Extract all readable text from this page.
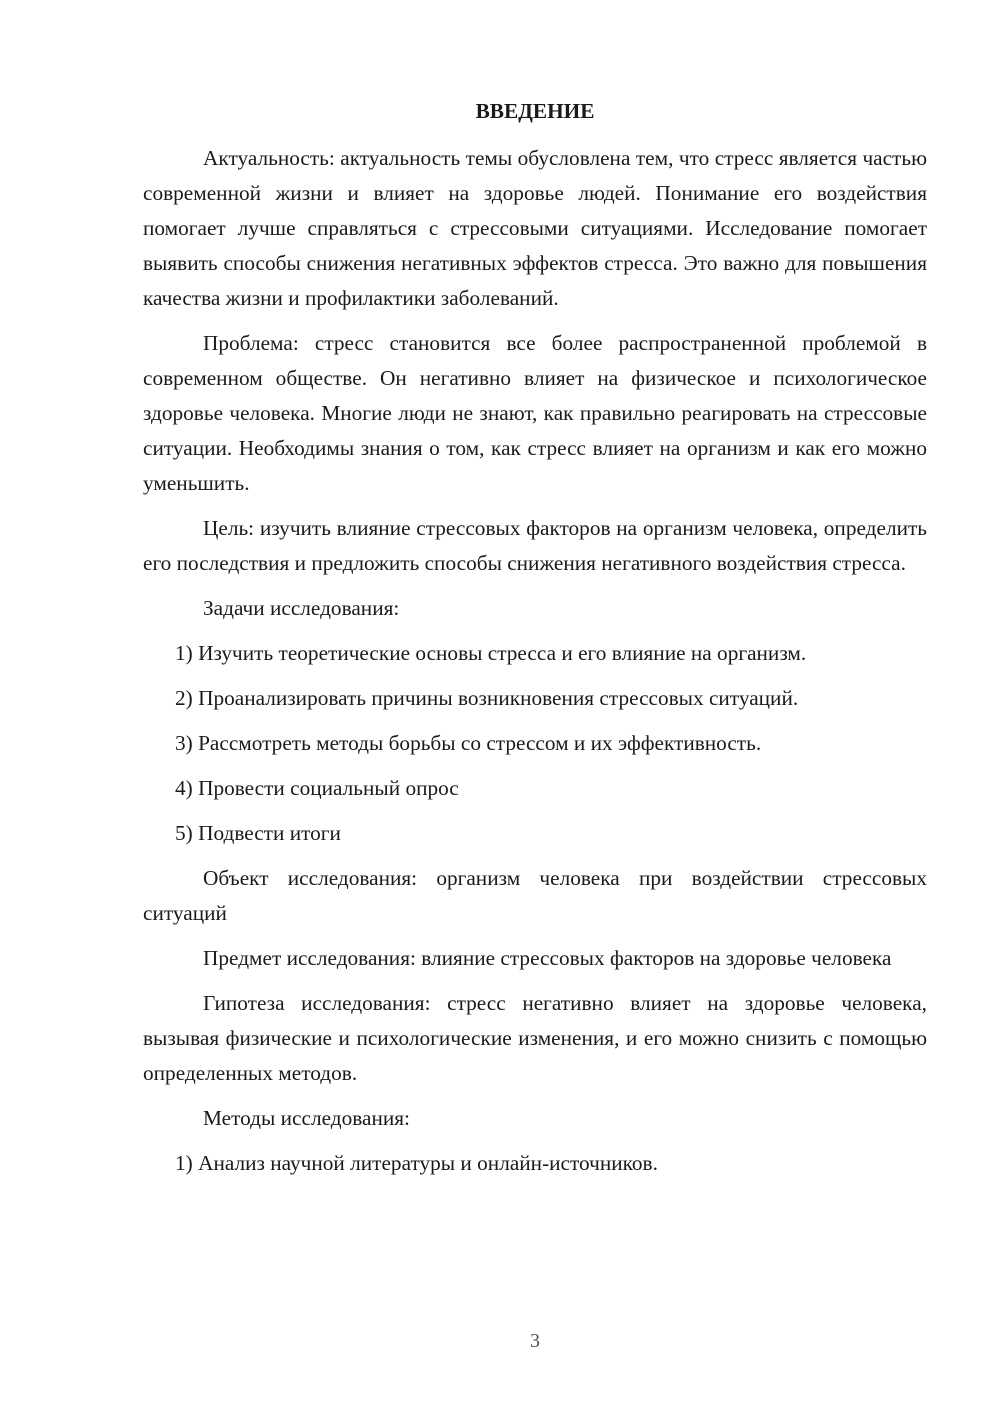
ВВЕДЕНИЕ

Актуальность: актуальность темы обусловлена тем, что стресс является частью современной жизни и влияет на здоровье людей. Понимание его воздействия помогает лучше справляться с стрессовыми ситуациями. Исследование помогает выявить способы снижения негативных эффектов стресса. Это важно для повышения качества жизни и профилактики заболеваний.

Проблема: стресс становится все более распространенной проблемой в современном обществе. Он негативно влияет на физическое и психологическое здоровье человека. Многие люди не знают, как правильно реагировать на стрессовые ситуации. Необходимы знания о том, как стресс влияет на организм и как его можно уменьшить.

Цель: изучить влияние стрессовых факторов на организм человека, определить его последствия и предложить способы снижения негативного воздействия стресса.

Задачи исследования:

1) Изучить теоретические основы стресса и его влияние на организм.
2) Проанализировать причины возникновения стрессовых ситуаций.
3) Рассмотреть методы борьбы со стрессом и их эффективность.
4) Провести социальный опрос
5) Подвести итоги

Объект исследования: организм человека при воздействии стрессовых ситуаций

Предмет исследования: влияние стрессовых факторов на здоровье человека

Гипотеза исследования: стресс негативно влияет на здоровье человека, вызывая физические и психологические изменения, и его можно снизить с помощью определенных методов.

Методы исследования:

1) Анализ научной литературы и онлайн-источников.
3
